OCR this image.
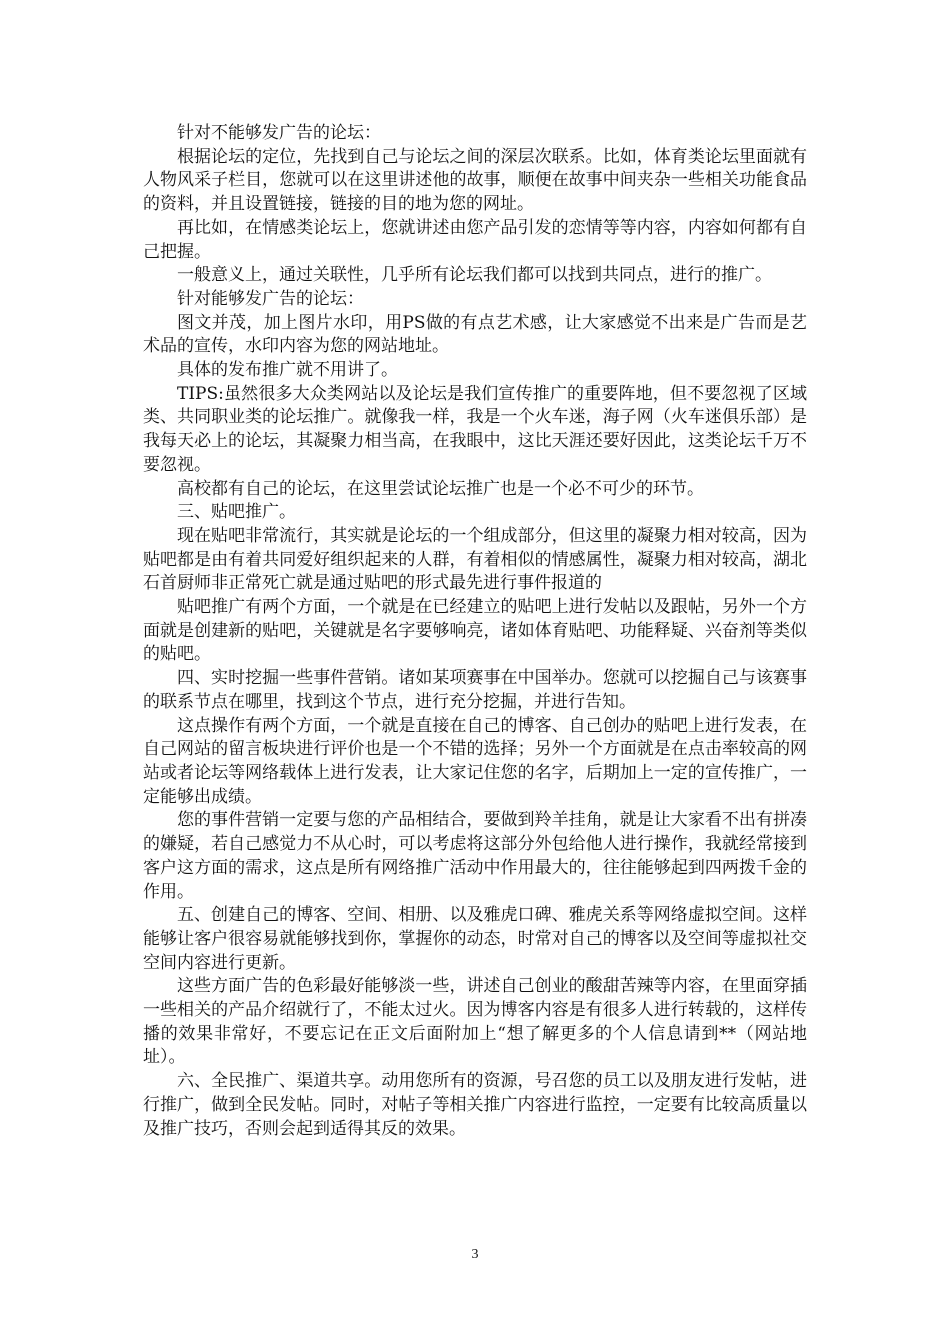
针对不能够发广告的论坛：

根据论坛的定位，先找到自己与论坛之间的深层次联系。比如，体育类论坛里面就有人物风采子栏目，您就可以在这里讲述他的故事，顺便在故事中间夹杂一些相关功能食品的资料，并且设置链接，链接的目的地为您的网址。

再比如，在情感类论坛上，您就讲述由您产品引发的恋情等等内容，内容如何都有自己把握。

一般意义上，通过关联性，几乎所有论坛我们都可以找到共同点，进行的推广。

针对能够发广告的论坛：

图文并茂，加上图片水印，用PS做的有点艺术感，让大家感觉不出来是广告而是艺术品的宣传，水印内容为您的网站地址。

具体的发布推广就不用讲了。

TIPS:虽然很多大众类网站以及论坛是我们宣传推广的重要阵地，但不要忽视了区域类、共同职业类的论坛推广。就像我一样，我是一个火车迷，海子网（火车迷俱乐部）是我每天必上的论坛，其凝聚力相当高，在我眼中，这比天涯还要好因此，这类论坛千万不要忽视。

高校都有自己的论坛，在这里尝试论坛推广也是一个必不可少的环节。

三、贴吧推广。

现在贴吧非常流行，其实就是论坛的一个组成部分，但这里的凝聚力相对较高，因为贴吧都是由有着共同爱好组织起来的人群，有着相似的情感属性，凝聚力相对较高，湖北石首厨师非正常死亡就是通过贴吧的形式最先进行事件报道的

贴吧推广有两个方面，一个就是在已经建立的贴吧上进行发帖以及跟帖，另外一个方面就是创建新的贴吧，关键就是名字要够响亮，诸如体育贴吧、功能释疑、兴奋剂等类似的贴吧。

四、实时挖掘一些事件营销。诸如某项赛事在中国举办。您就可以挖掘自己与该赛事的联系节点在哪里，找到这个节点，进行充分挖掘，并进行告知。

这点操作有两个方面，一个就是直接在自己的博客、自己创办的贴吧上进行发表，在自己网站的留言板块进行评价也是一个不错的选择；另外一个方面就是在点击率较高的网站或者论坛等网络载体上进行发表，让大家记住您的名字，后期加上一定的宣传推广，一定能够出成绩。

您的事件营销一定要与您的产品相结合，要做到羚羊挂角，就是让大家看不出有拼凑的嫌疑，若自己感觉力不从心时，可以考虑将这部分外包给他人进行操作，我就经常接到客户这方面的需求，这点是所有网络推广活动中作用最大的，往往能够起到四两拨千金的作用。

五、创建自己的博客、空间、相册、以及雅虎口碑、雅虎关系等网络虚拟空间。这样能够让客户很容易就能够找到你，掌握你的动态，时常对自己的博客以及空间等虚拟社交空间内容进行更新。

这些方面广告的色彩最好能够淡一些，讲述自己创业的酸甜苦辣等内容，在里面穿插一些相关的产品介绍就行了，不能太过火。因为博客内容是有很多人进行转载的，这样传播的效果非常好，不要忘记在正文后面附加上“想了解更多的个人信息请到**（网站地址）。

六、全民推广、渠道共享。动用您所有的资源，号召您的员工以及朋友进行发帖，进行推广，做到全民发帖。同时，对帖子等相关推广内容进行监控，一定要有比较高质量以及推广技巧，否则会起到适得其反的效果。

3
